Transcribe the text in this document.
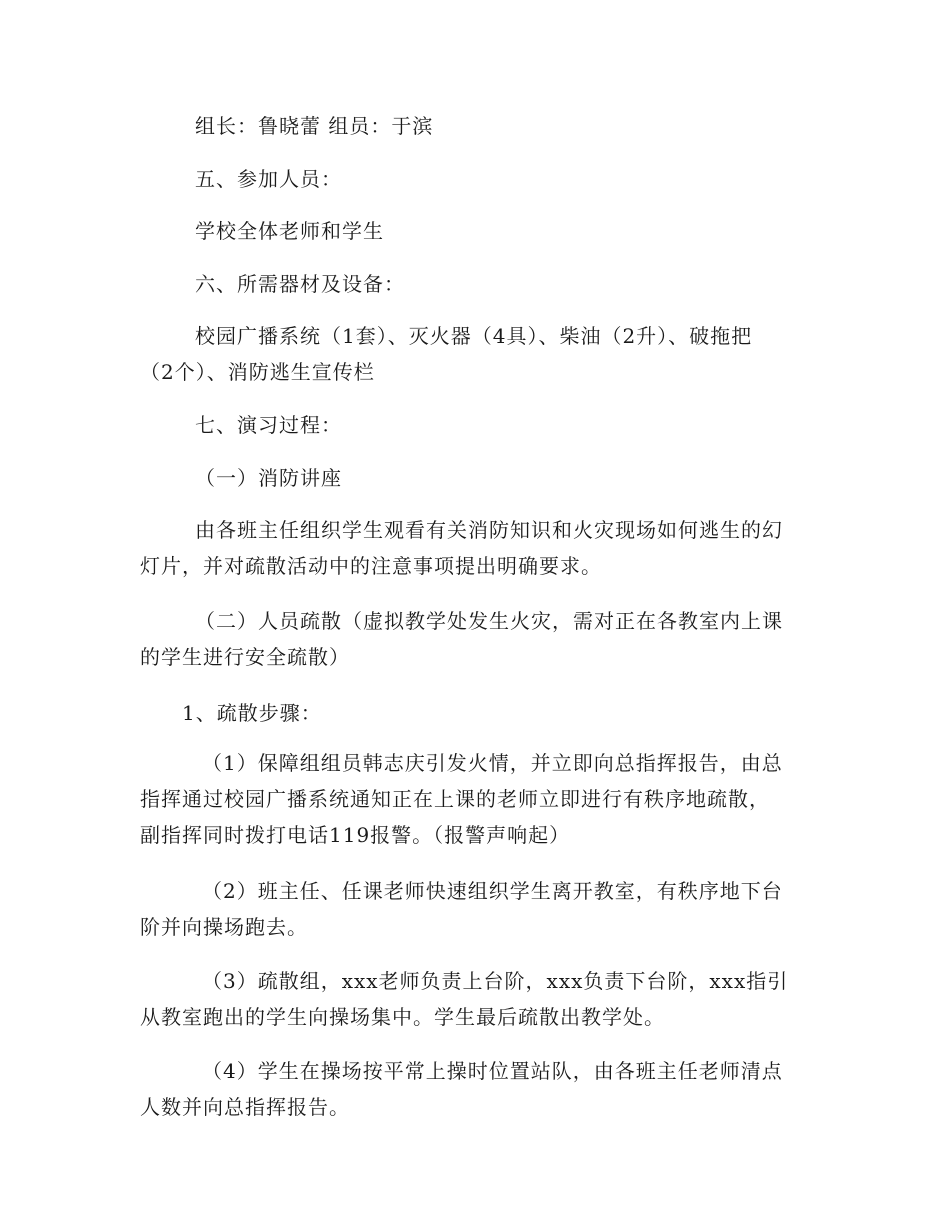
组长：鲁晓蕾 组员：于滨
五、参加人员：
学校全体老师和学生
六、所需器材及设备：
校园广播系统（1套）、灭火器（4具）、柴油（2升）、破拖把
（2个）、消防逃生宣传栏
七、演习过程：
（一）消防讲座
由各班主任组织学生观看有关消防知识和火灾现场如何逃生的幻
灯片，并对疏散活动中的注意事项提出明确要求。
（二）人员疏散（虚拟教学处发生火灾，需对正在各教室内上课
的学生进行安全疏散）
1、疏散步骤：
（1）保障组组员韩志庆引发火情，并立即向总指挥报告，由总
指挥通过校园广播系统通知正在上课的老师立即进行有秩序地疏散，
副指挥同时拨打电话119报警。（报警声响起）
（2）班主任、任课老师快速组织学生离开教室，有秩序地下台
阶并向操场跑去。
（3）疏散组，xxx老师负责上台阶，xxx负责下台阶，xxx指引
从教室跑出的学生向操场集中。学生最后疏散出教学处。
（4）学生在操场按平常上操时位置站队，由各班主任老师清点
人数并向总指挥报告。
